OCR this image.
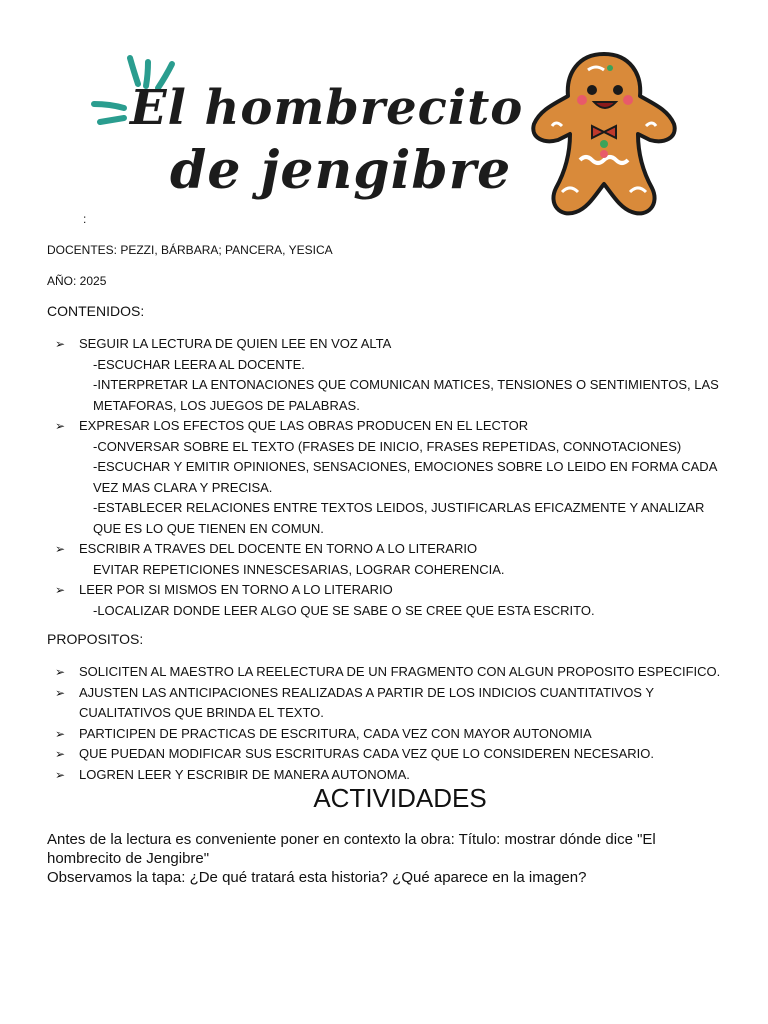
El hombrecito
de jengibre
:
DOCENTES: PEZZI, BÁRBARA; PANCERA, YESICA
AÑO: 2025
CONTENIDOS:
➢ SEGUIR LA LECTURA DE QUIEN LEE EN VOZ ALTA
-ESCUCHAR LEERA AL DOCENTE.
-INTERPRETAR LA ENTONACIONES QUE COMUNICAN MATICES, TENSIONES O SENTIMIENTOS, LAS METAFORAS, LOS JUEGOS DE PALABRAS.
➢ EXPRESAR LOS EFECTOS QUE LAS OBRAS PRODUCEN EN EL LECTOR
-CONVERSAR SOBRE EL TEXTO (FRASES DE INICIO, FRASES REPETIDAS, CONNOTACIONES)
-ESCUCHAR Y EMITIR OPINIONES, SENSACIONES, EMOCIONES SOBRE LO LEIDO EN FORMA CADA VEZ MAS CLARA Y PRECISA.
-ESTABLECER RELACIONES ENTRE TEXTOS LEIDOS, JUSTIFICARLAS EFICAZMENTE Y ANALIZAR QUE ES LO QUE TIENEN EN COMUN.
➢ ESCRIBIR A TRAVES DEL DOCENTE EN TORNO A LO LITERARIO
EVITAR REPETICIONES INNESCESARIAS, LOGRAR COHERENCIA.
➢ LEER POR SI MISMOS EN TORNO A LO LITERARIO
-LOCALIZAR DONDE LEER ALGO QUE SE SABE O SE CREE QUE ESTA ESCRITO.
PROPOSITOS:
➢ SOLICITEN AL MAESTRO LA REELECTURA DE UN FRAGMENTO CON ALGUN PROPOSITO ESPECIFICO.
➢ AJUSTEN LAS ANTICIPACIONES REALIZADAS A PARTIR DE LOS INDICIOS CUANTITATIVOS Y CUALITATIVOS QUE BRINDA EL TEXTO.
➢ PARTICIPEN DE PRACTICAS DE ESCRITURA, CADA VEZ CON MAYOR AUTONOMIA
➢ QUE PUEDAN MODIFICAR SUS ESCRITURAS CADA VEZ QUE LO CONSIDEREN NECESARIO.
➢ LOGREN LEER Y ESCRIBIR DE MANERA AUTONOMA.
ACTIVIDADES
Antes de la lectura es conveniente poner en contexto la obra: Título: mostrar dónde dice "El hombrecito de Jengibre"
Observamos la tapa: ¿De qué tratará esta historia? ¿Qué aparece en la imagen?
